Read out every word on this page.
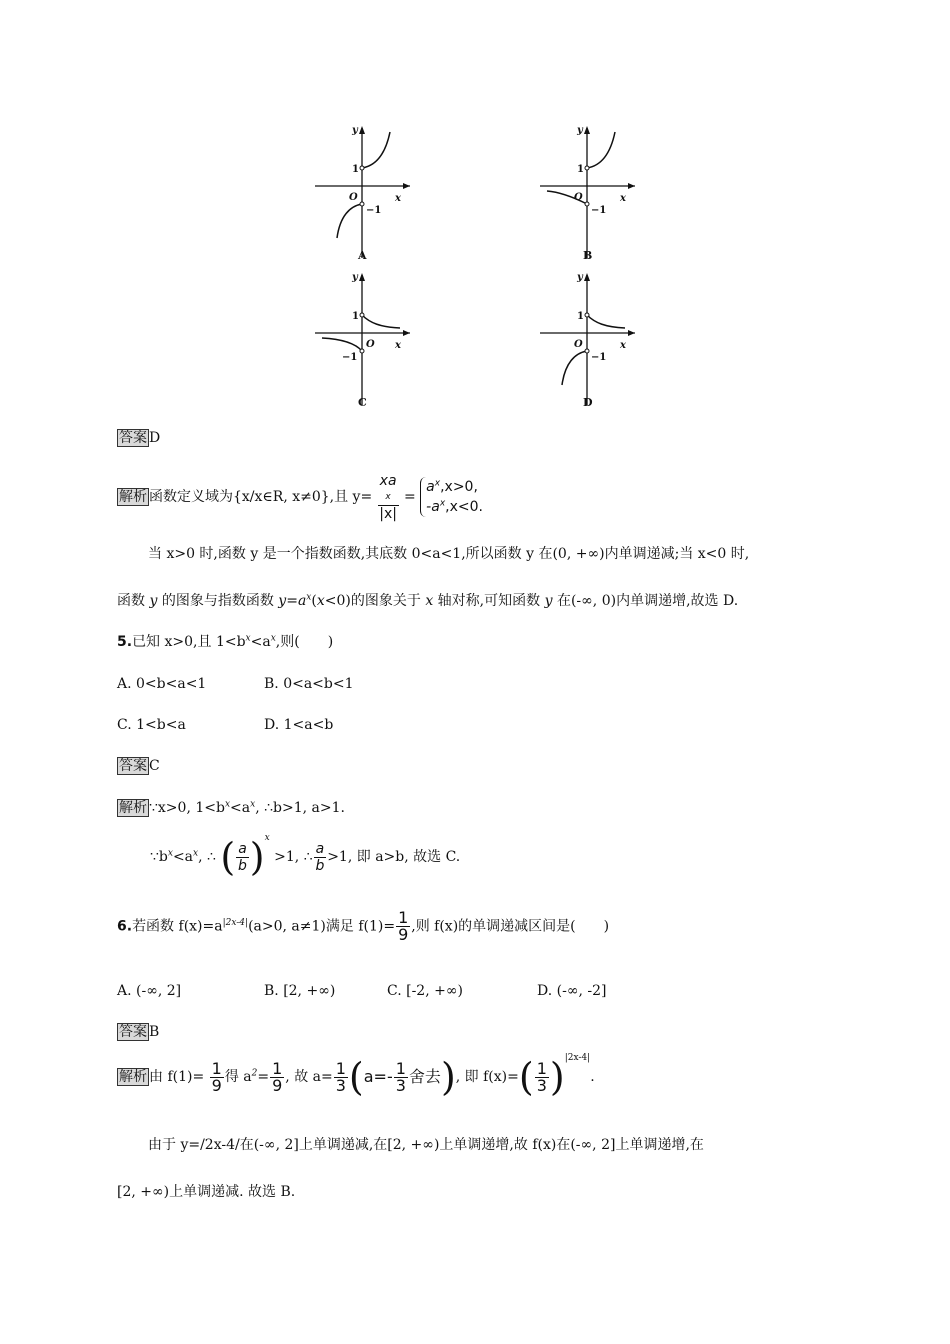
y
x
O
1
−1
A
y
x
O
1
−1
B
y
x
O
1
−1
C
y
x
O
1
−1
D
答案 D
解析 函数定义域为{x/x∈R, x≠0},且 y= xa
x
|x| =
$a^x,x>0$,
$-a^x,x<0$.
当 x>0 时,函数 y 是一个指数函数,其底数 0<a<1,所以函数 y 在(0, +∞)内单调递减;当 x<0 时,
函数 y 的图象与指数函数 $y=a^x(x<0)$的图象关于 x 轴对称,可知函数 y 在(-∞, 0)内单调递增,故选 D.
5.已知 x>0,且 $1<b^x<a^x$,则(　　)
A. 0<b<a<1	B. 0<a<b<1
C. 1<b<a	D. 1<a<b
答案 C
解析 ∵x>0, $1<b^x<a^x$, ∴b>1, a>1.
$\because b^x<a^x$, ∴ ( $\frac{a}{b} )^x >1$, ∴ $\frac{a}{b} >1$, 即 a>b, 故选 C.
6.若函数 $f(x)=a^{|2x-4|}(a>0$, a≠1)满足 $f(1)= \frac{1}{9}$ ,则 f(x)的单调递减区间是(　　)
A. (-∞, 2]	B. [2, +∞)	C. [-2, +∞)	D. (-∞, -2]
答案 B
解析 由 $f(1)= \frac{1}{9}$ 得 $a^2= \frac{1}{9}$ , 故 $a= \frac{1}{3} (a=- \frac{1}{3}$ 舍去), 即 $f(x)=( \frac{1}{3} )^{|2x-4|}$.
由于 y=/2x-4/在(-∞, 2]上单调递减,在[2, +∞)上单调递增,故 f(x)在(-∞, 2]上单调递增,在
[2, +∞)上单调递减. 故选 B.
